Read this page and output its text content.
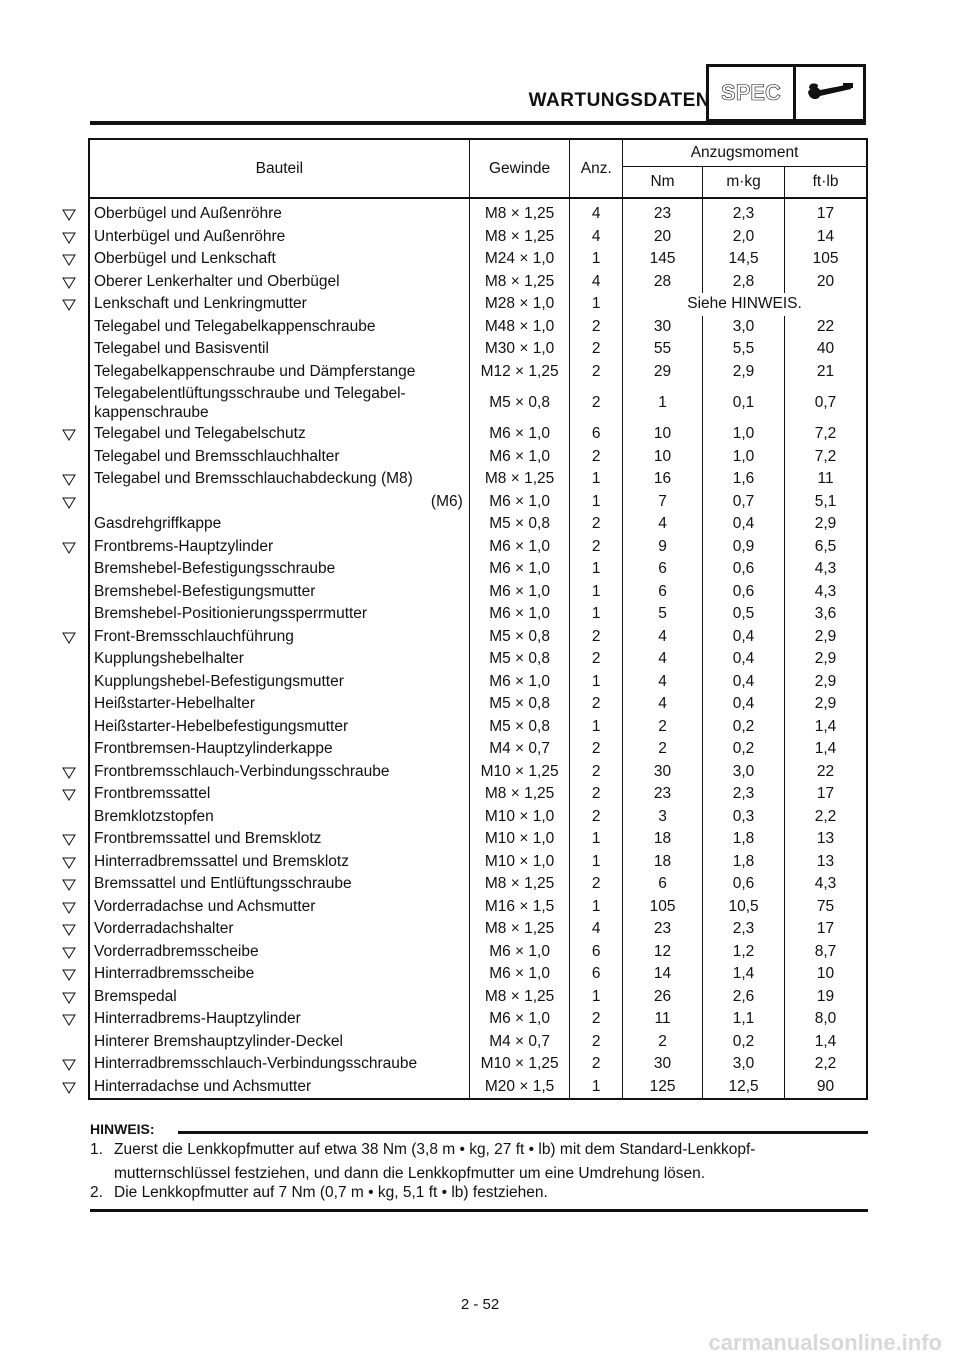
WARTUNGSDATEN SPEC
Bauteil	Gewinde	Anz.	Anzugsmoment		
			Nm	m·kg	ft·lb
Oberbügel und Außenröhre	M8 × 1,25	4	23	2,3	17
Unterbügel und Außenröhre	M8 × 1,25	4	20	2,0	14
Oberbügel und Lenkschaft	M24 × 1,0	1	145	14,5	105
Oberer Lenkerhalter und Oberbügel	M8 × 1,25	4	28	2,8	20
Lenkschaft und Lenkringmutter	M28 × 1,0	1	Siehe HINWEIS.		
Telegabel und Telegabelkappenschraube	M48 × 1,0	2	30	3,0	22
Telegabel und Basisventil	M30 × 1,0	2	55	5,5	40
Telegabelkappenschraube und Dämpferstange	M12 × 1,25	2	29	2,9	21
Telegabelentlüftungsschraube und Telegabel-
kappenschraube	M5 × 0,8	2	1	0,1	0,7
Telegabel und Telegabelschutz	M6 × 1,0	6	10	1,0	7,2
Telegabel und Bremsschlauchhalter	M6 × 1,0	2	10	1,0	7,2
Telegabel und Bremsschlauchabdeckung (M8)	M8 × 1,25	1	16	1,6	11
(M6)	M6 × 1,0	1	7	0,7	5,1
Gasdrehgriffkappe	M5 × 0,8	2	4	0,4	2,9
Frontbrems-Hauptzylinder	M6 × 1,0	2	9	0,9	6,5
Bremshebel-Befestigungsschraube	M6 × 1,0	1	6	0,6	4,3
Bremshebel-Befestigungsmutter	M6 × 1,0	1	6	0,6	4,3
Bremshebel-Positionierungssperrmutter	M6 × 1,0	1	5	0,5	3,6
Front-Bremsschlauchführung	M5 × 0,8	2	4	0,4	2,9
Kupplungshebelhalter	M5 × 0,8	2	4	0,4	2,9
Kupplungshebel-Befestigungsmutter	M6 × 1,0	1	4	0,4	2,9
Heißstarter-Hebelhalter	M5 × 0,8	2	4	0,4	2,9
Heißstarter-Hebelbefestigungsmutter	M5 × 0,8	1	2	0,2	1,4
Frontbremsen-Hauptzylinderkappe	M4 × 0,7	2	2	0,2	1,4
Frontbremsschlauch-Verbindungsschraube	M10 × 1,25	2	30	3,0	22
Frontbremssattel	M8 × 1,25	2	23	2,3	17
Bremklotzstopfen	M10 × 1,0	2	3	0,3	2,2
Frontbremssattel und Bremsklotz	M10 × 1,0	1	18	1,8	13
Hinterradbremssattel und Bremsklotz	M10 × 1,0	1	18	1,8	13
Bremssattel und Entlüftungsschraube	M8 × 1,25	2	6	0,6	4,3
Vorderradachse und Achsmutter	M16 × 1,5	1	105	10,5	75
Vorderradachshalter	M8 × 1,25	4	23	2,3	17
Vorderradbremsscheibe	M6 × 1,0	6	12	1,2	8,7
Hinterradbremsscheibe	M6 × 1,0	6	14	1,4	10
Bremspedal	M8 × 1,25	1	26	2,6	19
Hinterradbrems-Hauptzylinder	M6 × 1,0	2	11	1,1	8,0
Hinterer Bremshauptzylinder-Deckel	M4 × 0,7	2	2	0,2	1,4
Hinterradbremsschlauch-Verbindungsschraube	M10 × 1,25	2	30	3,0	2,2
Hinterradachse und Achsmutter	M20 × 1,5	1	125	12,5	90
HINWEIS:
1. Zuerst die Lenkkopfmutter auf etwa 38 Nm (3,8 m • kg, 27 ft • lb) mit dem Standard-Lenkkopf-
mutternschlüssel festziehen, und dann die Lenkkopfmutter um eine Umdrehung lösen.
2. Die Lenkkopfmutter auf 7 Nm (0,7 m • kg, 5,1 ft • lb) festziehen.
2 - 52
carmanualsonline.info
